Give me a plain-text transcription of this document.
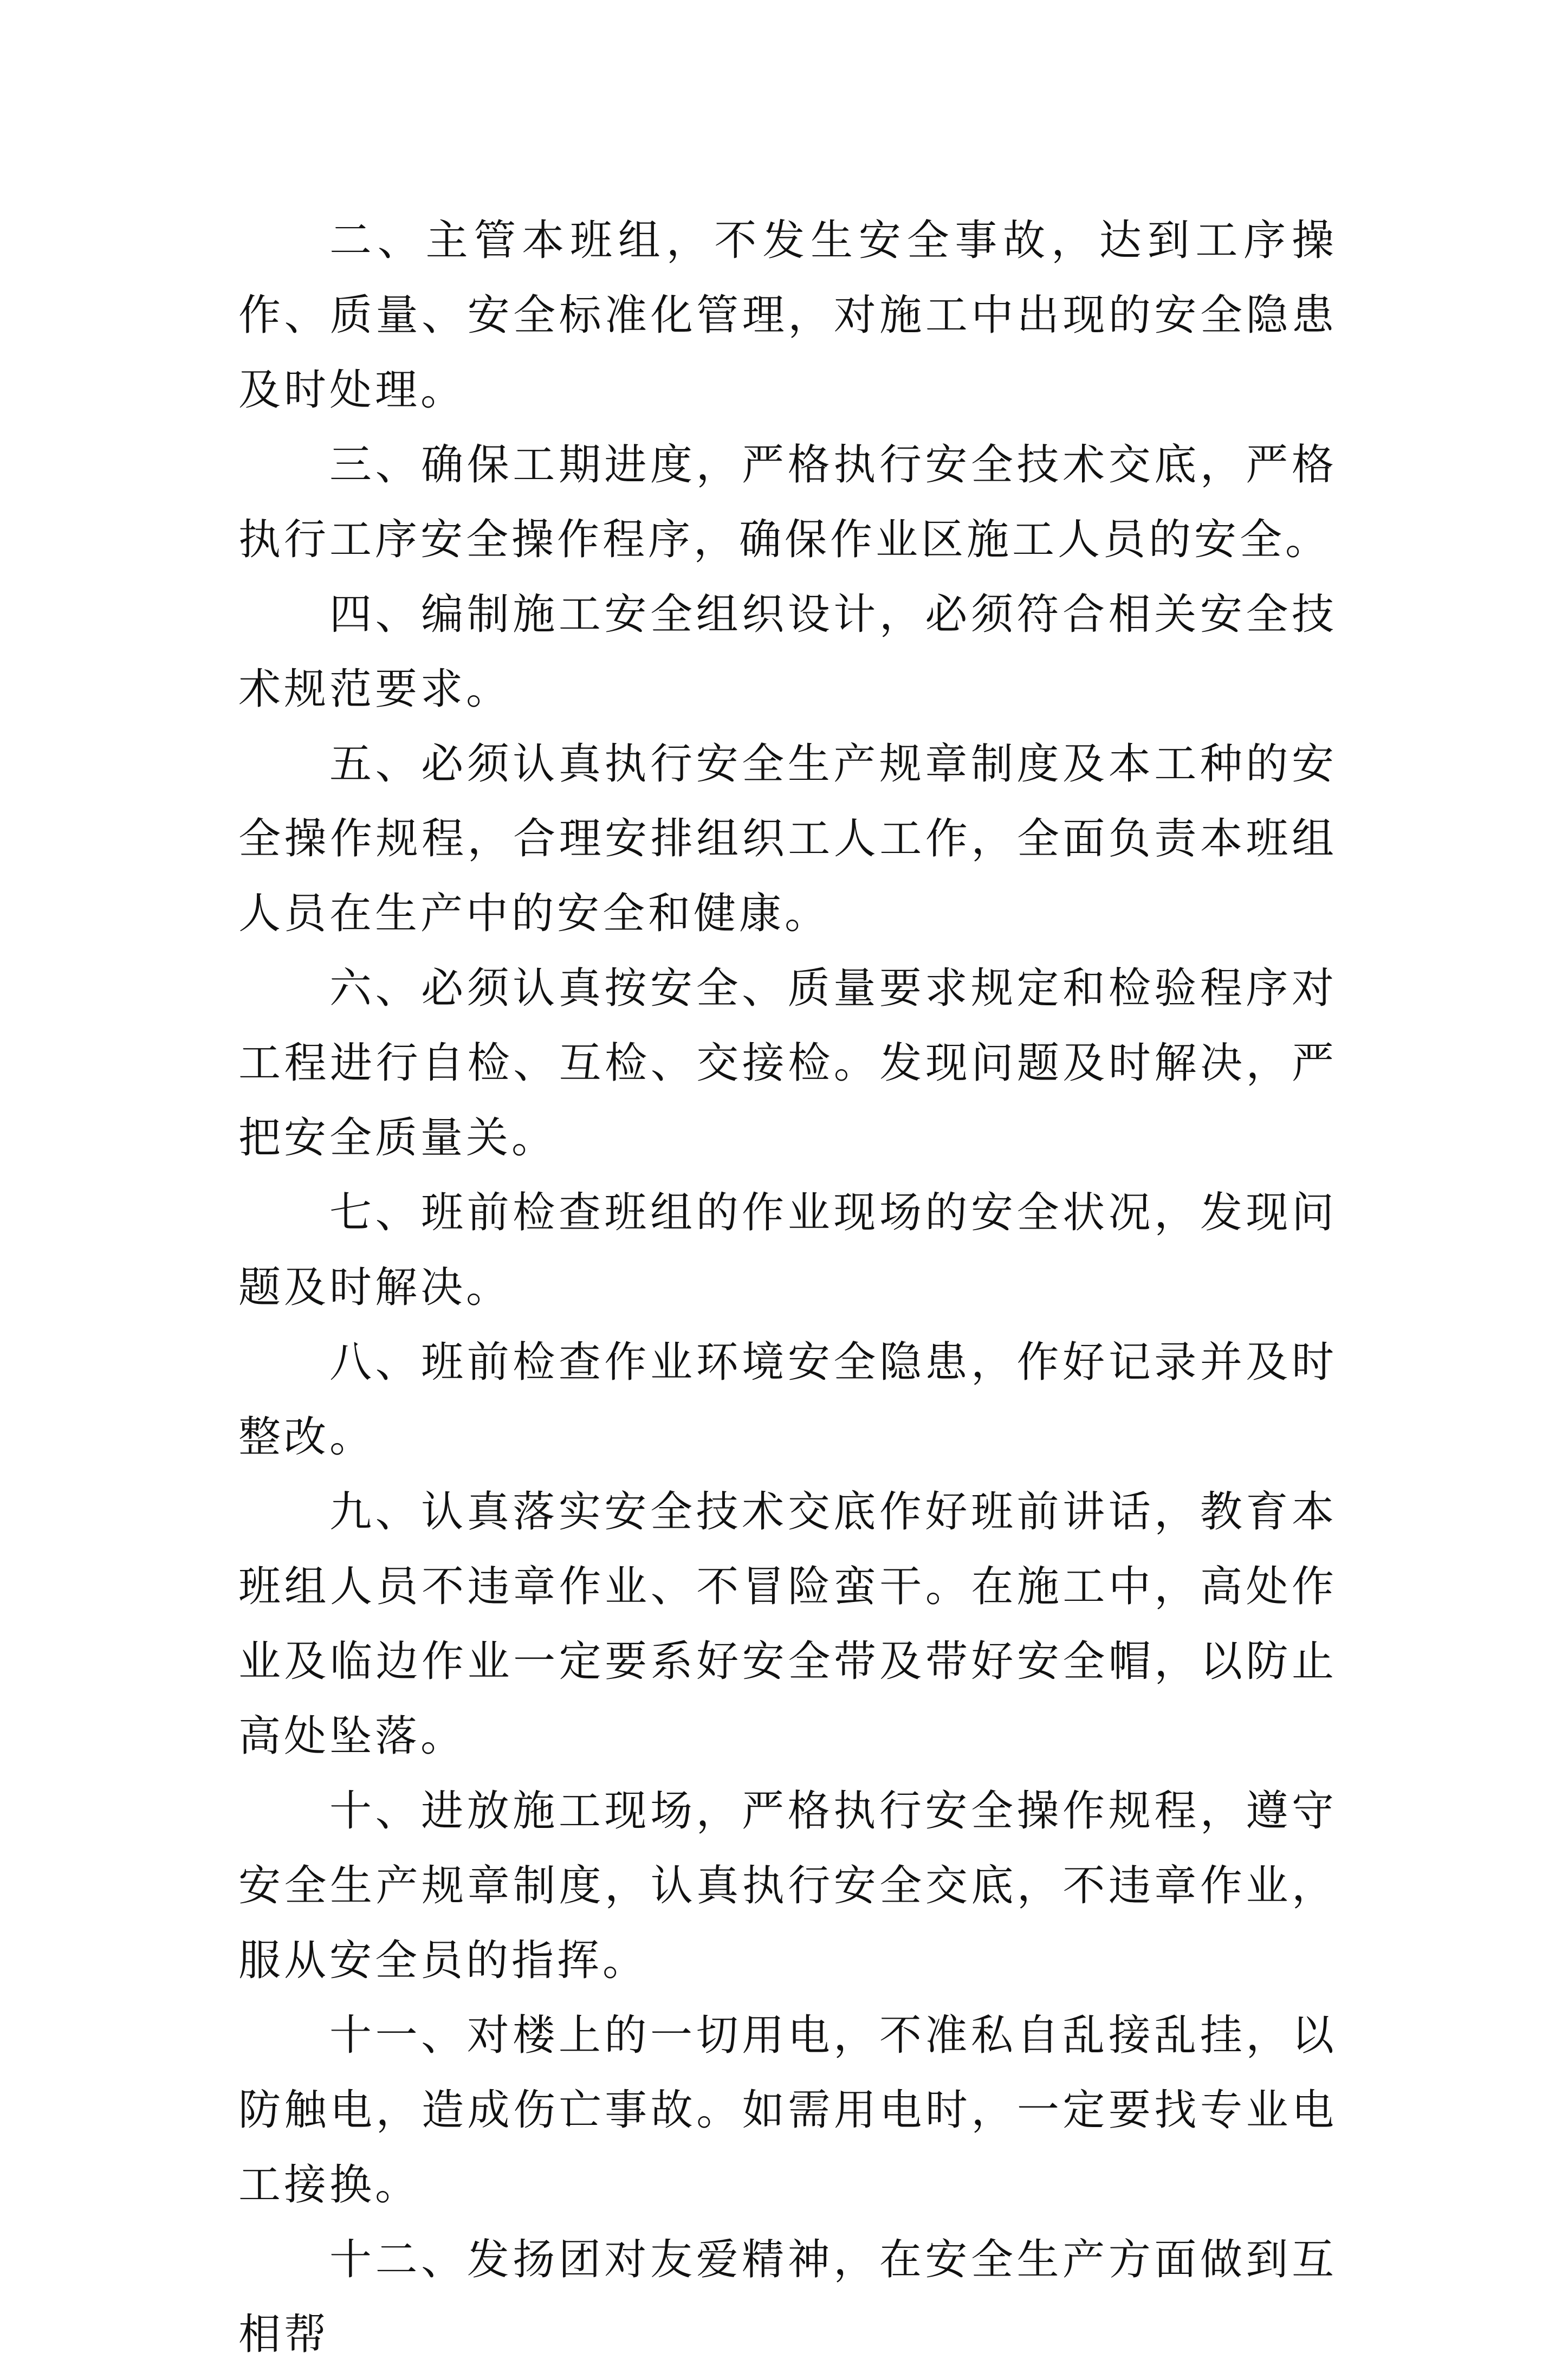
二、主管本班组，不发生安全事故，达到工序操作、质量、安全标准化管理，对施工中出现的安全隐患及时处理。

三、确保工期进度，严格执行安全技术交底，严格执行工序安全操作程序，确保作业区施工人员的安全。

四、编制施工安全组织设计，必须符合相关安全技术规范要求。

五、必须认真执行安全生产规章制度及本工种的安全操作规程，合理安排组织工人工作，全面负责本班组人员在生产中的安全和健康。

六、必须认真按安全、质量要求规定和检验程序对工程进行自检、互检、交接检。发现问题及时解决，严把安全质量关。

七、班前检查班组的作业现场的安全状况，发现问题及时解决。

八、班前检查作业环境安全隐患，作好记录并及时整改。

九、认真落实安全技术交底作好班前讲话，教育本班组人员不违章作业、不冒险蛮干。在施工中，高处作业及临边作业一定要系好安全带及带好安全帽，以防止高处坠落。

十、进放施工现场，严格执行安全操作规程，遵守安全生产规章制度，认真执行安全交底，不违章作业，服从安全员的指挥。

十一、对楼上的一切用电，不准私自乱接乱挂，以防触电，造成伤亡事故。如需用电时，一定要找专业电工接换。

十二、发扬团对友爱精神，在安全生产方面做到互相帮
